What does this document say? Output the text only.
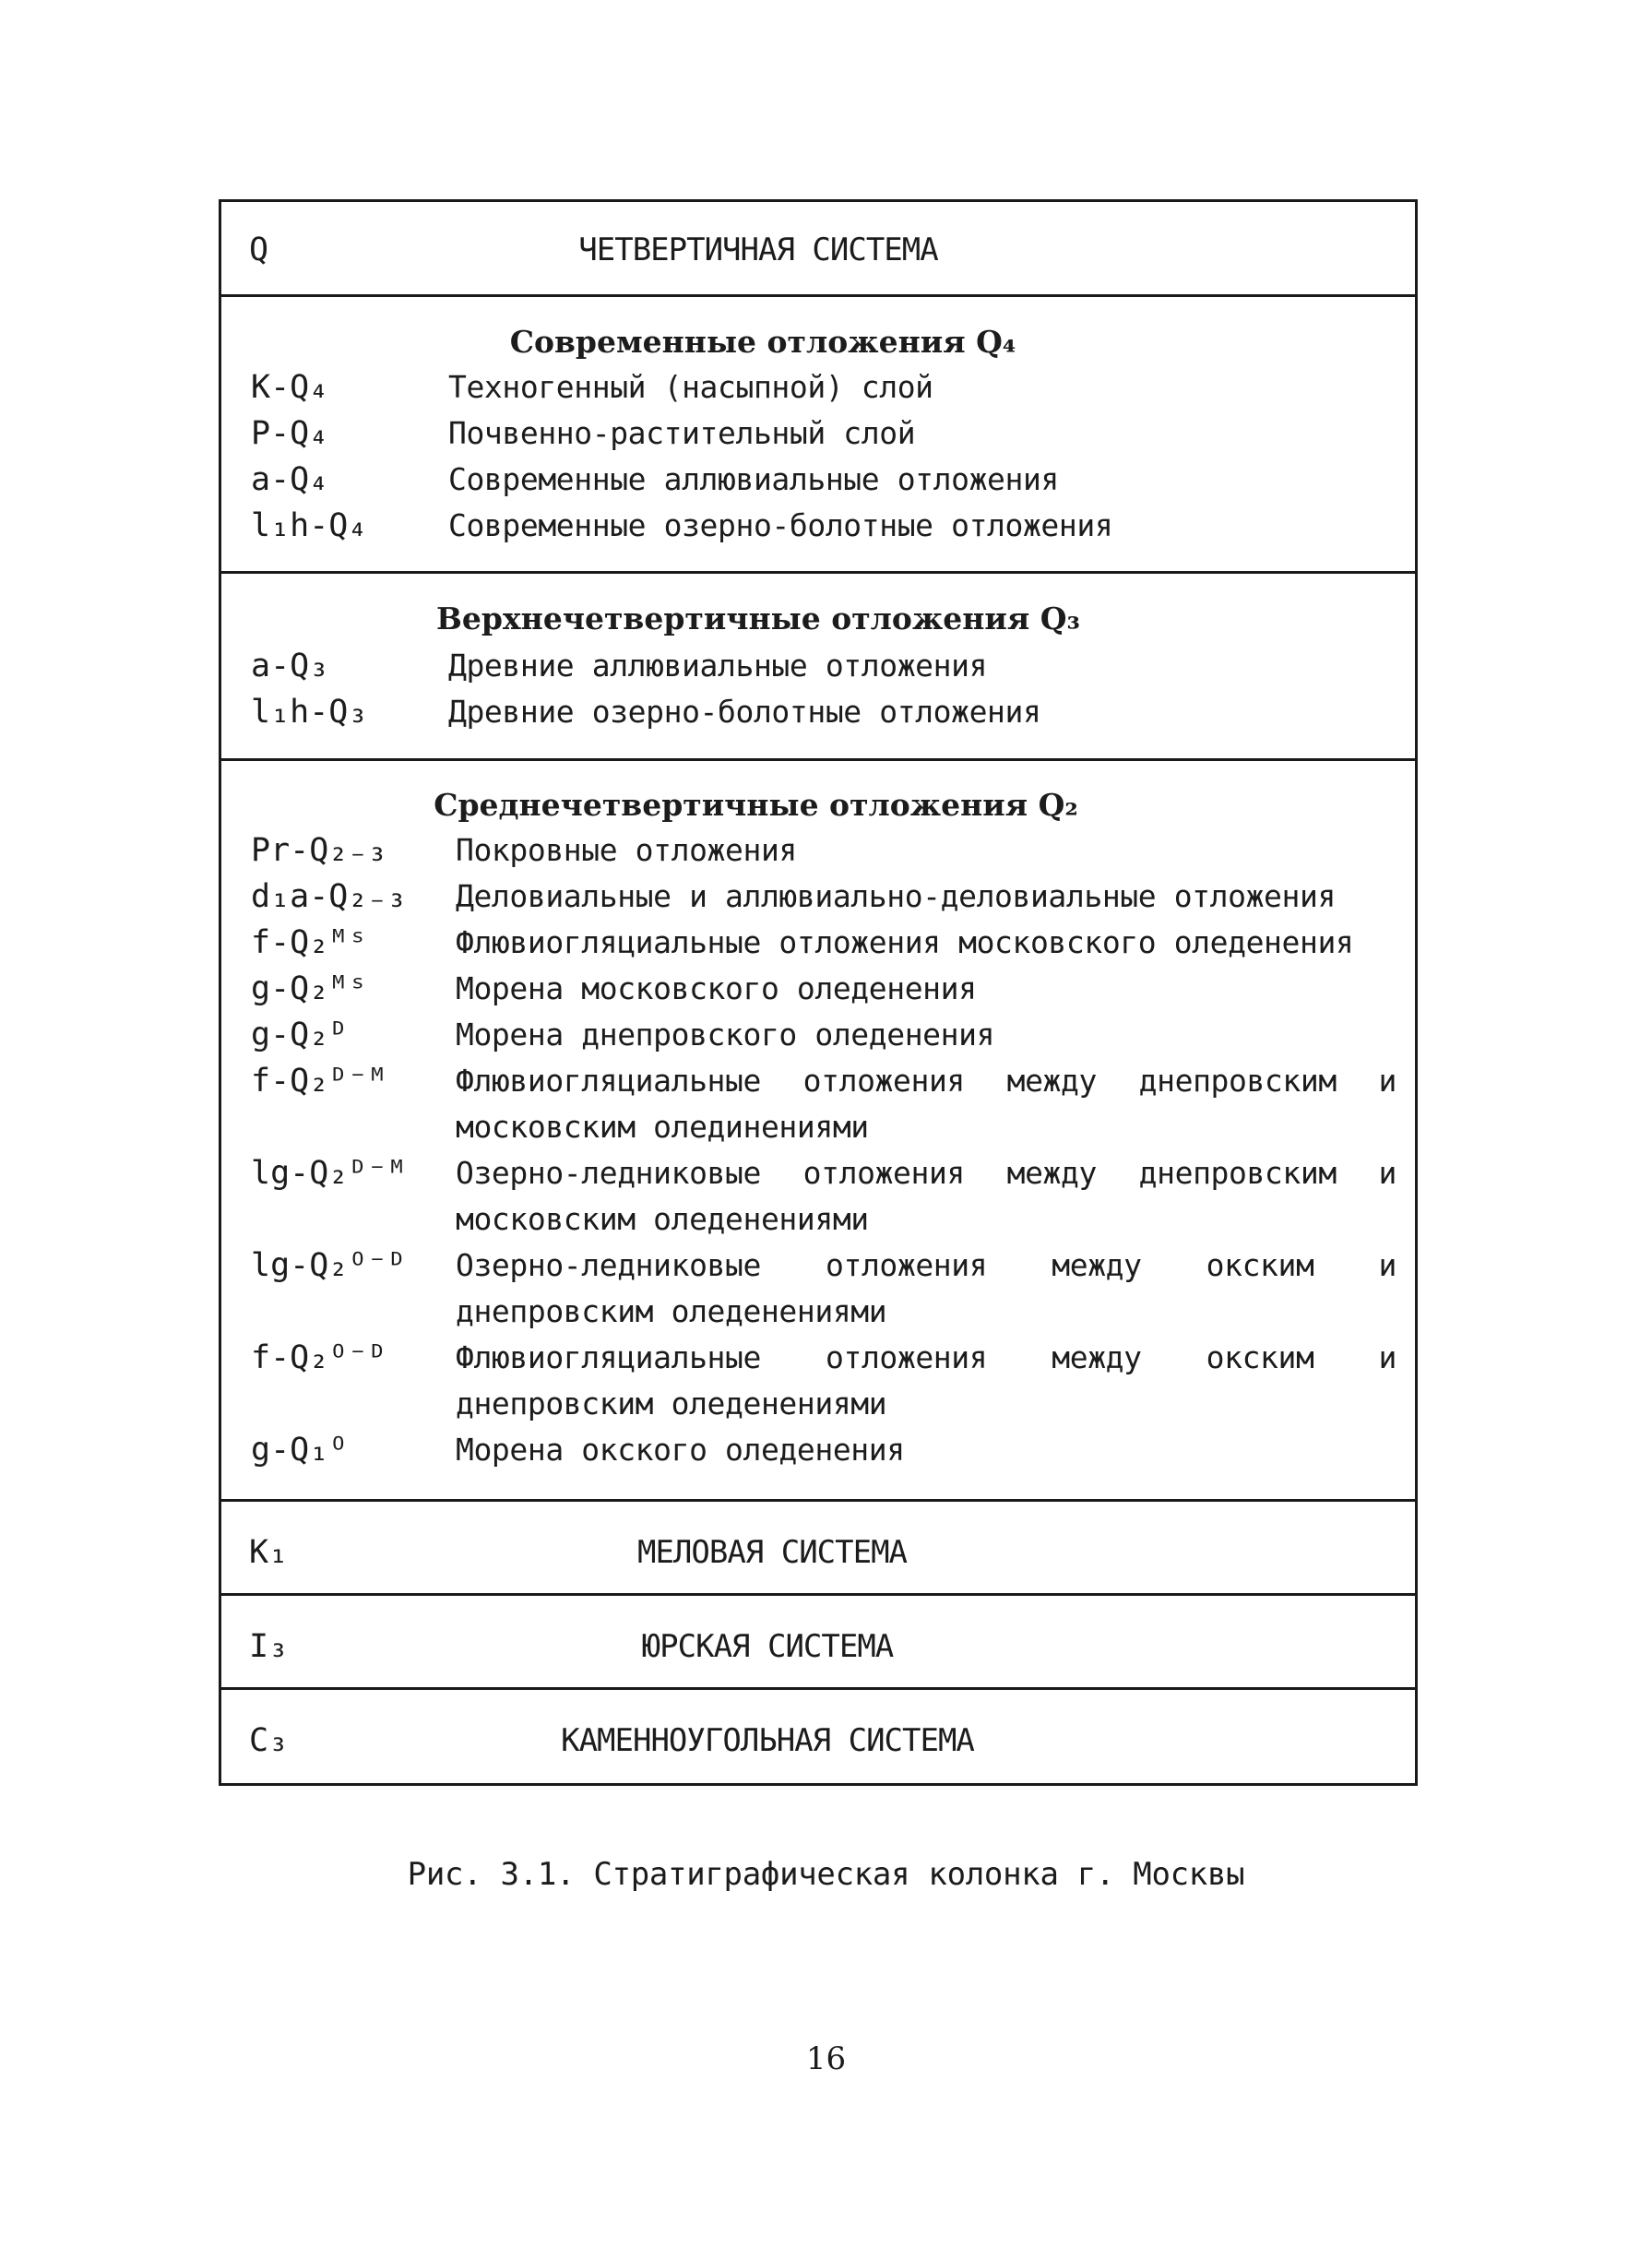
Q	ЧЕТВЕРТИЧНАЯ СИСТЕМА
Современные отложения Q₄
K-Q₄	Техногенный (насыпной) слой
P-Q₄	Почвенно-растительный слой
a-Q₄	Современные аллювиальные отложения
l₁h-Q₄	Современные озерно-болотные отложения
Верхнечетвертичные отложения Q₃
a-Q₃	Древние аллювиальные отложения
l₁h-Q₃	Древние озерно-болотные отложения
Среднечетвертичные отложения Q₂
Pr-Q₂₋₃ Покровные отложения
d₁a-Q₂₋₃ Деловиальные и аллювиально-деловиальные отложения
f-Q₂ᴹˢ	Флювиогляциальные отложения московского оледенения
g-Q₂ᴹˢ	Морена московского оледенения
g-Q₂ᴰ	Морена днепровского оледенения
f-Q₂ᴰ⁻ᴹ Флювиогляциальные отложения между днепровским и московским олединениями
lg-Q₂ᴰ⁻ᴹ Озерно-ледниковые отложения между днепровским и московским оледенениями
lg-Q₂ᴼ⁻ᴰ Озерно-ледниковые отложения между окским и днепровским оледенениями
f-Q₂ᴼ⁻ᴰ Флювиогляциальные отложения между окским и днепровским оледенениями
g-Q₁ᴼ	Морена окского оледенения
K₁	МЕЛОВАЯ СИСТЕМА
I₃	ЮРСКАЯ СИСТЕМА
C₃	КАМЕННОУГОЛЬНАЯ СИСТЕМА
Рис. 3.1. Стратиграфическая колонка г. Москвы
16
